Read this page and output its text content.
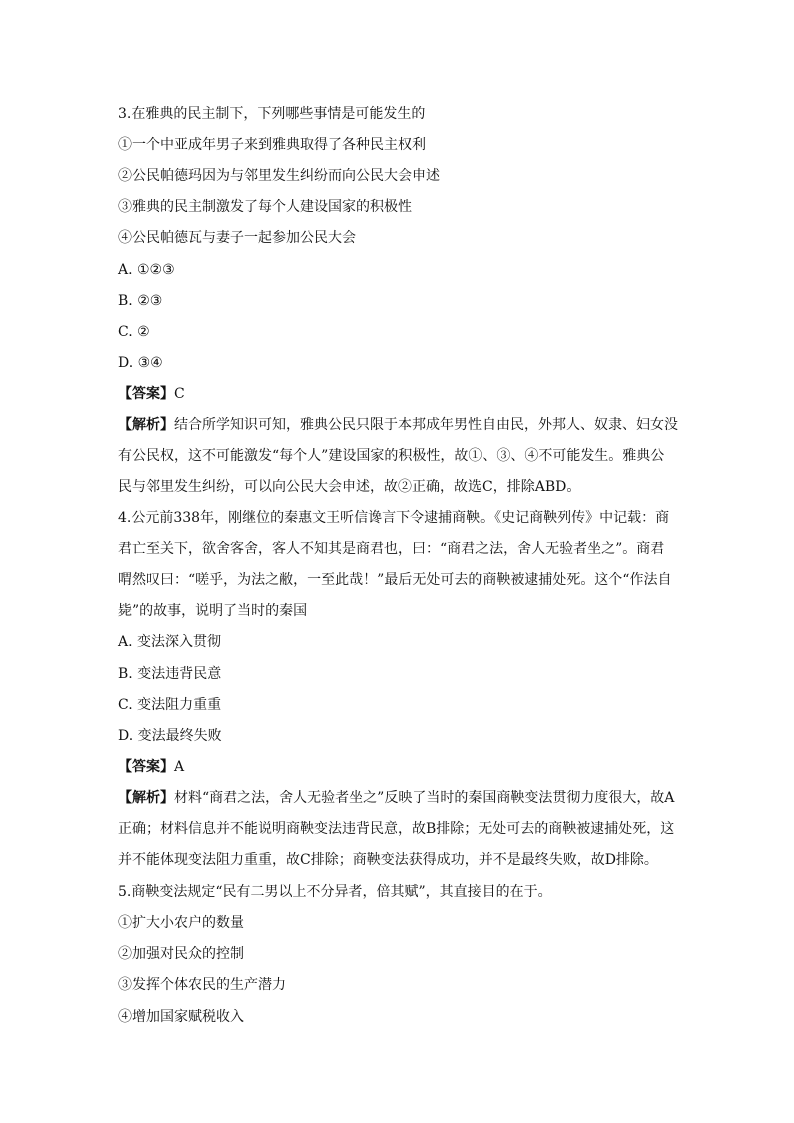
3.在雅典的民主制下，下列哪些事情是可能发生的
①一个中亚成年男子来到雅典取得了各种民主权利
②公民帕德玛因为与邻里发生纠纷而向公民大会申述
③雅典的民主制激发了每个人建设国家的积极性
④公民帕德瓦与妻子一起参加公民大会
A. ①②③
B. ②③
C. ②
D. ③④
【答案】C

【解析】结合所学知识可知，雅典公民只限于本邦成年男性自由民，外邦人、奴隶、妇女没有公民权，这不可能激发“每个人”建设国家的积极性，故①、③、④不可能发生。雅典公民与邻里发生纠纷，可以向公民大会申述，故②正确，故选C，排除ABD。

4.公元前338年，刚继位的秦惠文王听信谗言下令逮捕商鞅。《史记商鞅列传》中记载：商君亡至关下，欲舍客舍，客人不知其是商君也，曰：“商君之法，舍人无验者坐之”。商君喟然叹曰：“嗟乎，为法之敝，一至此哉！”最后无处可去的商鞅被逮捕处死。这个“作法自毙”的故事，说明了当时的秦国

A. 变法深入贯彻
B. 变法违背民意
C. 变法阻力重重
D. 变法最终失败
【答案】A

【解析】材料“商君之法，舍人无验者坐之”反映了当时的秦国商鞅变法贯彻力度很大，故A正确；材料信息并不能说明商鞅变法违背民意，故B排除；无处可去的商鞅被逮捕处死，这并不能体现变法阻力重重，故C排除；商鞅变法获得成功，并不是最终失败，故D排除。

5.商鞅变法规定“民有二男以上不分异者，倍其赋”，其直接目的在于。
①扩大小农户的数量
②加强对民众的控制
③发挥个体农民的生产潜力
④增加国家赋税收入
